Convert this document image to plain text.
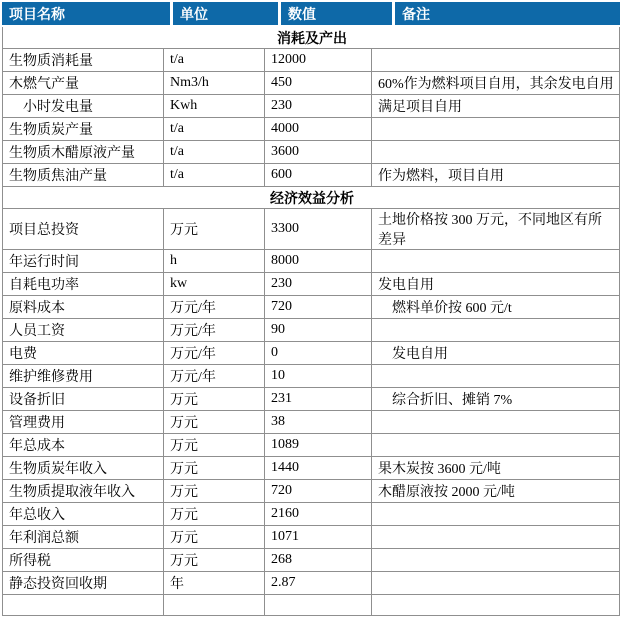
项目名称	单位	数值	备注
消耗及产出			
生物质消耗量	t/a	12000	
木燃气产量	Nm3/h	450	60%作为燃料项目自用，其余发电自用
　小时发电量	Kwh	230	满足项目自用
生物质炭产量	t/a	4000	
生物质木醋原液产量	t/a	3600	
生物质焦油产量	t/a	600	作为燃料，项目自用
经济效益分析			
项目总投资	万元	3300	土地价格按 300 万元，不同地区有所差异
年运行时间	h	8000	
自耗电功率	kw	230	发电自用
原料成本	万元/年	720	　燃料单价按 600 元/t
人员工资	万元/年	90	
电费	万元/年	0	　发电自用
维护维修费用	万元/年	10	
设备折旧	万元	231	　综合折旧、摊销 7%
管理费用	万元	38	
年总成本	万元	1089	
生物质炭年收入	万元	1440	果木炭按 3600 元/吨
生物质提取液年收入	万元	720	木醋原液按 2000 元/吨
年总收入	万元	2160	
年利润总额	万元	1071	
所得税	万元	268	
静态投资回收期	年	2.87	
